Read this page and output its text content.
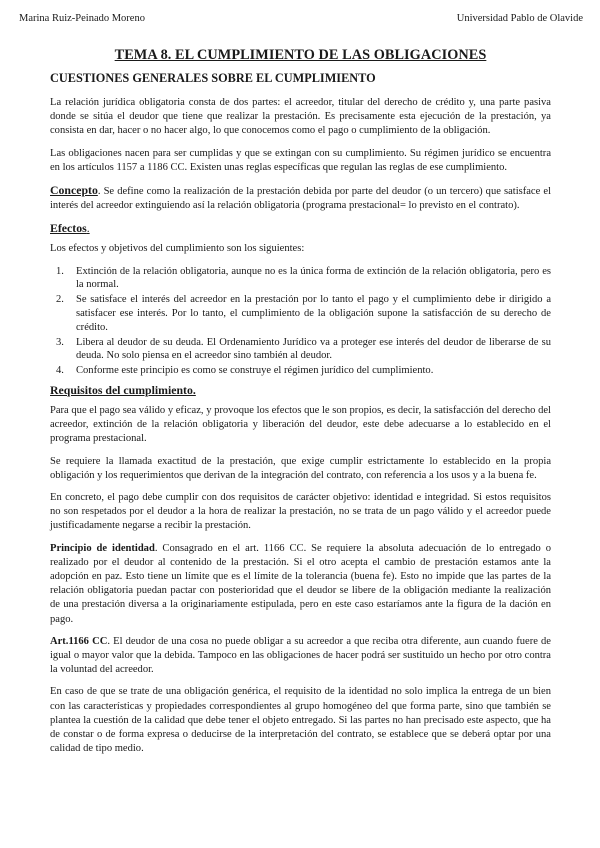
Marina Ruiz-Peinado Moreno	Universidad Pablo de Olavide
TEMA 8. EL CUMPLIMIENTO DE LAS OBLIGACIONES
CUESTIONES GENERALES SOBRE EL CUMPLIMIENTO

La relación jurídica obligatoria consta de dos partes: el acreedor, titular del derecho de crédito y, una parte pasiva donde se sitúa el deudor que tiene que realizar la prestación. Es precisamente esta ejecución de la prestación, ya consista en dar, hacer o no hacer algo, lo que conocemos como el pago o cumplimiento de la obligación.

Las obligaciones nacen para ser cumplidas y que se extingan con su cumplimiento. Su régimen jurídico se encuentra en los artículos 1157 a 1186 CC. Existen unas reglas específicas que regulan las reglas de ese cumplimiento.

Concepto. Se define como la realización de la prestación debida por parte del deudor (o un tercero) que satisface el interés del acreedor extinguiendo así la relación obligatoria (programa prestacional= lo previsto en el contrato).

Efectos.

Los efectos y objetivos del cumplimiento son los siguientes:

1.	Extinción de la relación obligatoria, aunque no es la única forma de extinción de la relación obligatoria, pero es la normal.
2.	Se satisface el interés del acreedor en la prestación por lo tanto el pago y el cumplimiento debe ir dirigido a satisfacer ese interés. Por lo tanto, el cumplimiento de la obligación supone la satisfacción de su derecho de crédito.
3.	Libera al deudor de su deuda. El Ordenamiento Jurídico va a proteger ese interés del deudor de liberarse de su deuda. No solo piensa en el acreedor sino también al deudor.
4.	Conforme este principio es como se construye el régimen jurídico del cumplimiento.
Requisitos del cumplimiento.

Para que el pago sea válido y eficaz, y provoque los efectos que le son propios, es decir, la satisfacción del derecho del acreedor, extinción de la relación obligatoria y liberación del deudor, este debe adecuarse a lo establecido en el programa prestacional.

Se requiere la llamada exactitud de la prestación, que exige cumplir estrictamente lo establecido en la propia obligación y los requerimientos que derivan de la integración del contrato, con referencia a los usos y a la buena fe.

En concreto, el pago debe cumplir con dos requisitos de carácter objetivo: identidad e integridad. Si estos requisitos no son respetados por el deudor a la hora de realizar la prestación, no se trata de un pago válido y el acreedor puede justificadamente negarse a recibir la prestación.

Principio de identidad. Consagrado en el art. 1166 CC. Se requiere la absoluta adecuación de lo entregado o realizado por el deudor al contenido de la prestación. Si el otro acepta el cambio de prestación estamos ante la adopción en paz. Esto tiene un límite que es el límite de la tolerancia (buena fe). Esto no impide que las partes de la relación obligatoria puedan pactar con posterioridad que el deudor se libere de la obligación mediante la realización de una prestación diversa a la originariamente estipulada, pero en este caso estaríamos ante la figura de la dación en pago.

Art.1166 CC. El deudor de una cosa no puede obligar a su acreedor a que reciba otra diferente, aun cuando fuere de igual o mayor valor que la debida. Tampoco en las obligaciones de hacer podrá ser sustituido un hecho por otro contra la voluntad del acreedor.

En caso de que se trate de una obligación genérica, el requisito de la identidad no solo implica la entrega de un bien con las características y propiedades correspondientes al grupo homogéneo del que forma parte, sino que también se plantea la cuestión de la calidad que debe tener el objeto entregado. Si las partes no han precisado este aspecto, que ha de constar o de forma expresa o deducirse de la interpretación del contrato, se establece que se deberá optar por una calidad de tipo medio.
